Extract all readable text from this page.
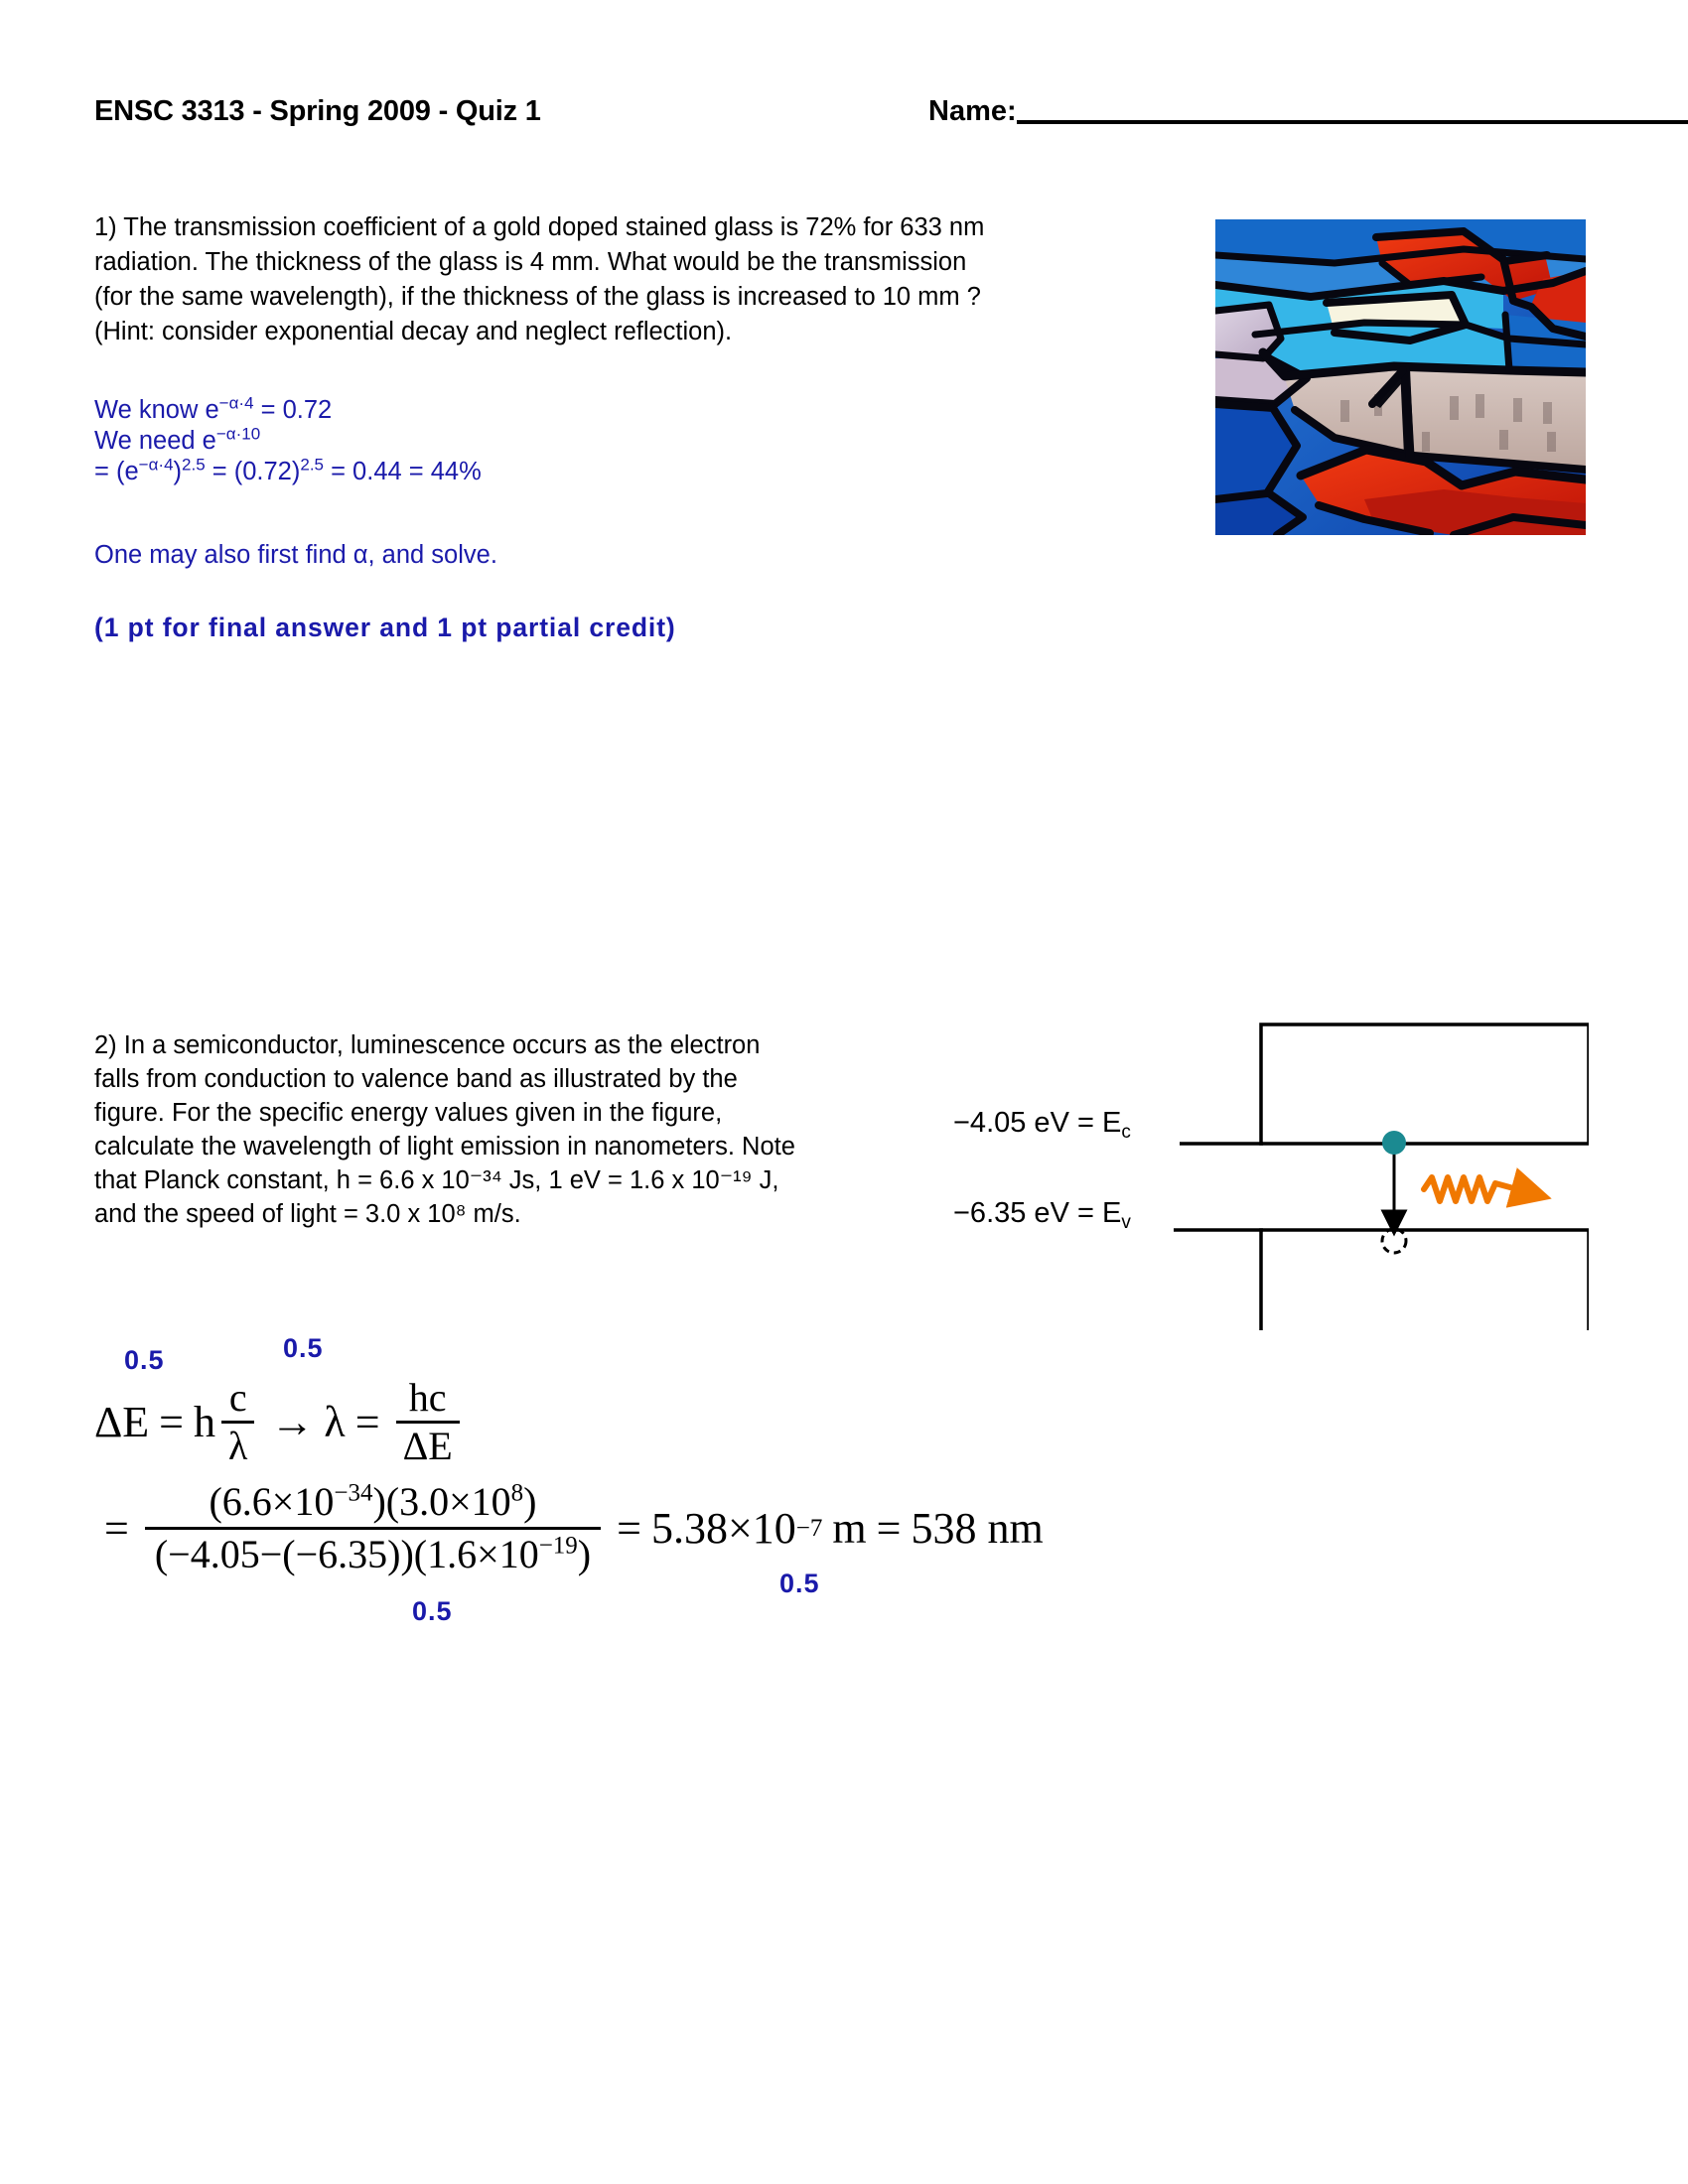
ENSC 3313 - Spring 2009 - Quiz 1	Name:
1) The transmission coefficient of a gold doped stained glass is 72% for 633 nm
radiation. The thickness of the glass is 4 mm. What would be the transmission
(for the same wavelength), if the thickness of the glass is increased to 10 mm ?
(Hint: consider exponential decay and neglect reflection).
We know $e^{-\alpha\cdot 4} = 0.72$
We need $e^{-\alpha\cdot 10}$
= $(e^{-\alpha\cdot 4})^{2.5} = (0.72)^{2.5} = 0.44 = 44\%$
One may also first find α, and solve.
(1 pt for final answer and 1 pt partial credit)
2) In a semiconductor, luminescence occurs as the electron
falls from conduction to valence band as illustrated by the
figure. For the specific energy values given in the figure,
calculate the wavelength of light emission in nanometers. Note
that Planck constant, h = 6.6 x 10⁻³⁴ Js, 1 eV = 1.6 x 10⁻¹⁹ J,
and the speed of light = 3.0 x 10⁸ m/s.
−4.05 eV = $E_c$
−6.35 eV = $E_v$
0.5	0.5
ΔE = h $\frac{c}{\lambda} \to \lambda = \frac{hc}{\Delta E}$
= $\frac{(6.6\times 10^{-34})(3.0\times 10^8)}{(-4.05-(-6.35))(1.6\times 10^{-19})} = 5.38 \times 10 -7$ m = 538 nm
0.5
0.5
